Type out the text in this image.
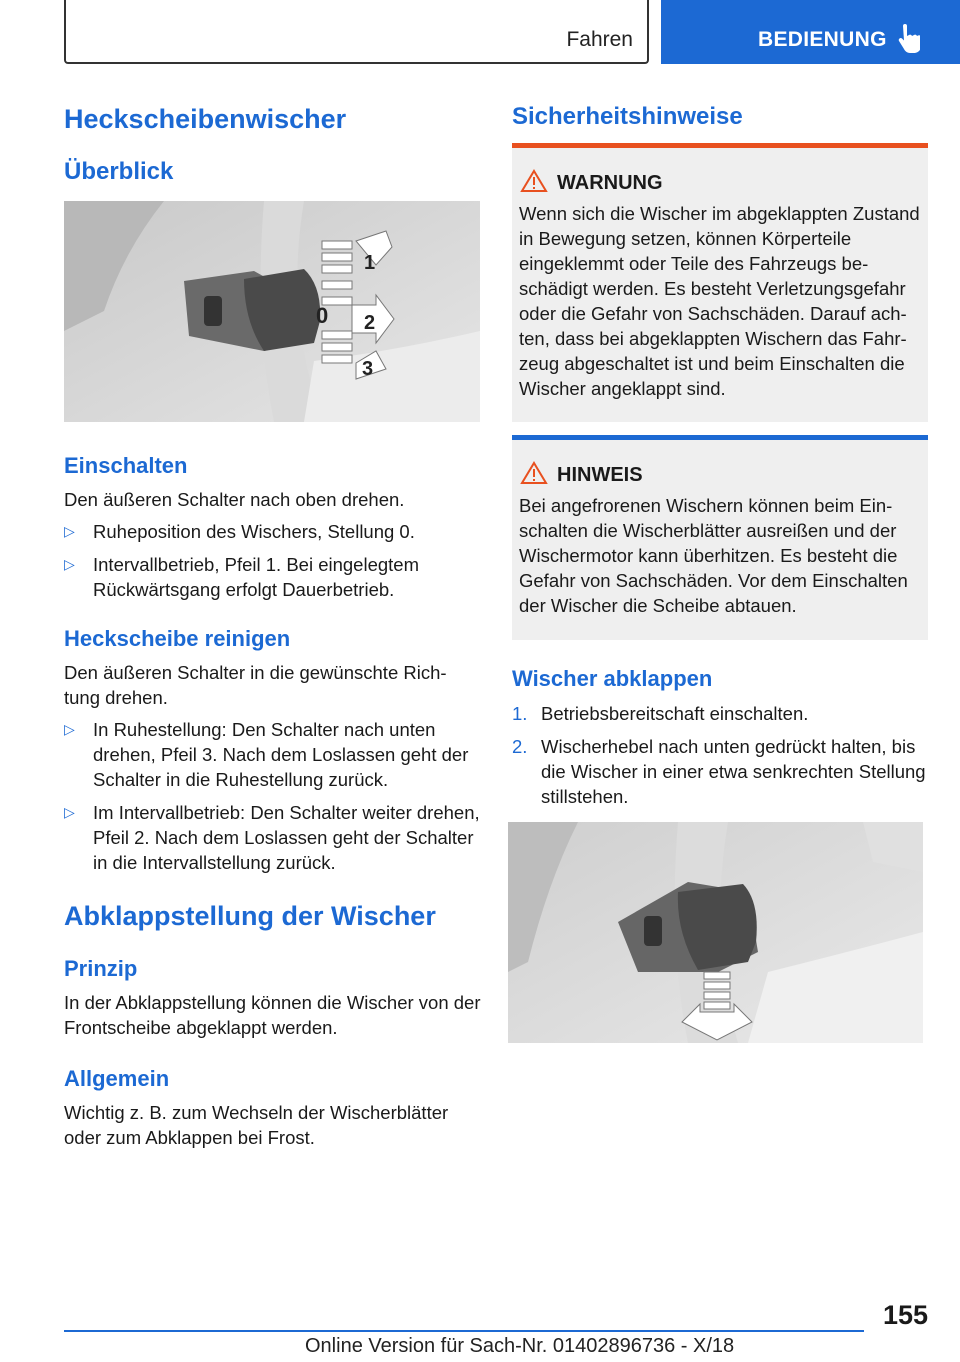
Fahren	BEDIENUNG
Heckscheibenwischer
Überblick
1
0 2
3
Einschalten

Den äußeren Schalter nach oben drehen.

▷ Ruheposition des Wischers, Stellung 0.
▷ Intervallbetrieb, Pfeil 1. Bei eingelegtem Rückwärtsgang erfolgt Dauerbetrieb.
Heckscheibe reinigen

Den äußeren Schalter in die gewünschte Richtung drehen.

▷ In Ruhestellung: Den Schalter nach unten drehen, Pfeil 3. Nach dem Loslassen geht der Schalter in die Ruhestellung zurück.
▷ Im Intervallbetrieb: Den Schalter weiter drehen, Pfeil 2. Nach dem Loslassen geht der Schalter in die Intervallstellung zurück.
Abklappstellung der Wischer
Prinzip

In der Abklappstellung können die Wischer von der Frontscheibe abgeklappt werden.

Allgemein

Wichtig z. B. zum Wechseln der Wischerblätter oder zum Abklappen bei Frost.

Sicherheitshinweise
WARNUNG

Wenn sich die Wischer im abgeklappten Zustand in Bewegung setzen, können Körperteile eingeklemmt oder Teile des Fahrzeugs beschädigt werden. Es besteht Verletzungsgefahr oder die Gefahr von Sachschäden. Darauf achten, dass bei abgeklappten Wischern das Fahrzeug abgeschaltet ist und beim Einschalten die Wischer angeklappt sind.

HINWEIS

Bei angefrorenen Wischern können beim Einschalten die Wischerblätter ausreißen und der Wischermotor kann überhitzen. Es besteht die Gefahr von Sachschäden. Vor dem Einschalten der Wischer die Scheibe abtauen.

Wischer abklappen
1. Betriebsbereitschaft einschalten.
2. Wischerhebel nach unten gedrückt halten, bis die Wischer in einer etwa senkrechten Stellung stillstehen.
155
Online Version für Sach-Nr. 01402896736 - X/18
